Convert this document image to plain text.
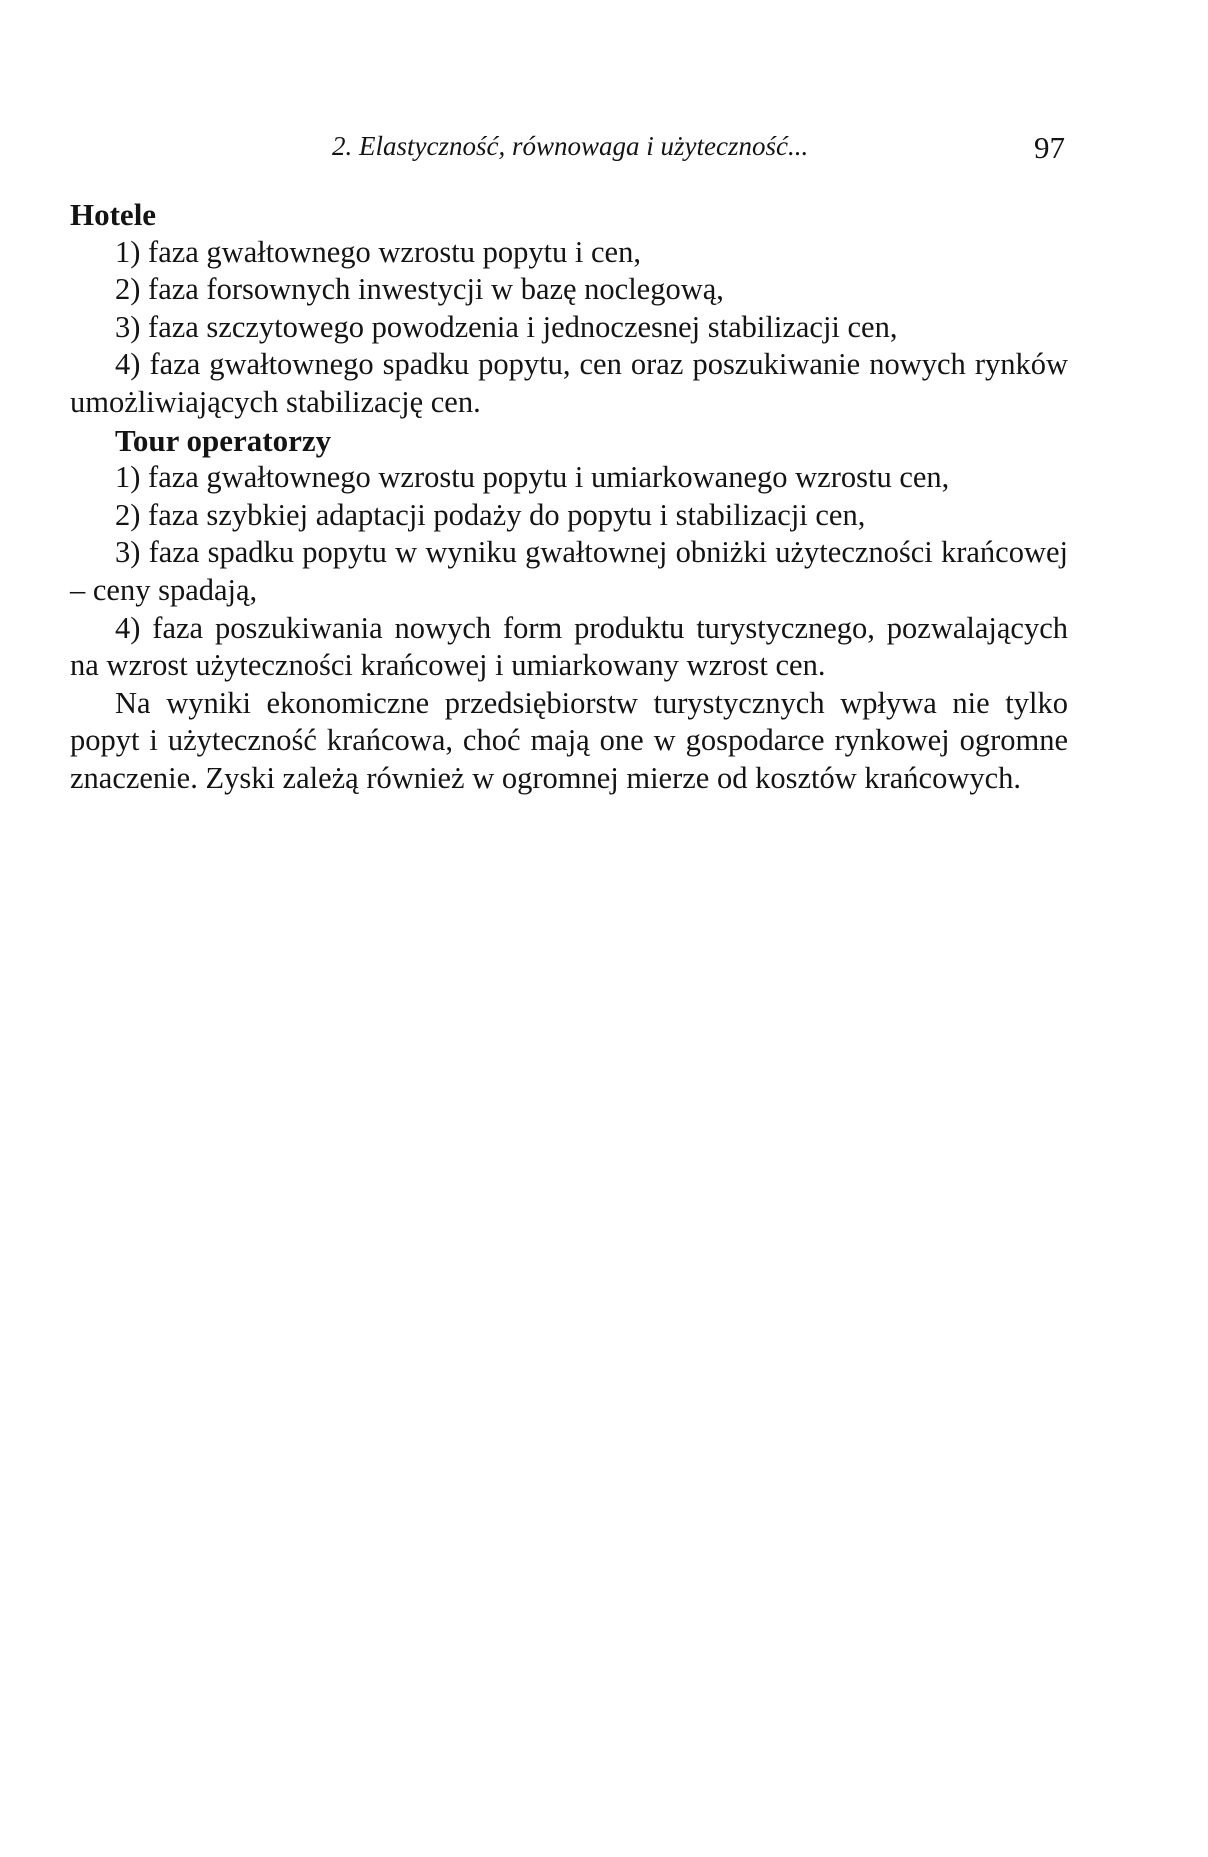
2. Elastyczność, równowaga i użyteczność...	97
Hotele

1) faza gwałtownego wzrostu popytu i cen,

2) faza forsownych inwestycji w bazę noclegową,

3) faza szczytowego powodzenia i jednoczesnej stabilizacji cen,

4) faza gwałtownego spadku popytu, cen oraz poszukiwanie nowych rynków umożliwiających stabilizację cen.

Tour operatorzy

1) faza gwałtownego wzrostu popytu i umiarkowanego wzrostu cen,

2) faza szybkiej adaptacji podaży do popytu i stabilizacji cen,

3) faza spadku popytu w wyniku gwałtownej obniżki użyteczności krańcowej – ceny spadają,

4) faza poszukiwania nowych form produktu turystycznego, pozwalających na wzrost użyteczności krańcowej i umiarkowany wzrost cen.

Na wyniki ekonomiczne przedsiębiorstw turystycznych wpływa nie tylko popyt i użyteczność krańcowa, choć mają one w gospodarce rynkowej ogromne znaczenie. Zyski zależą również w ogromnej mierze od kosztów krańcowych.
